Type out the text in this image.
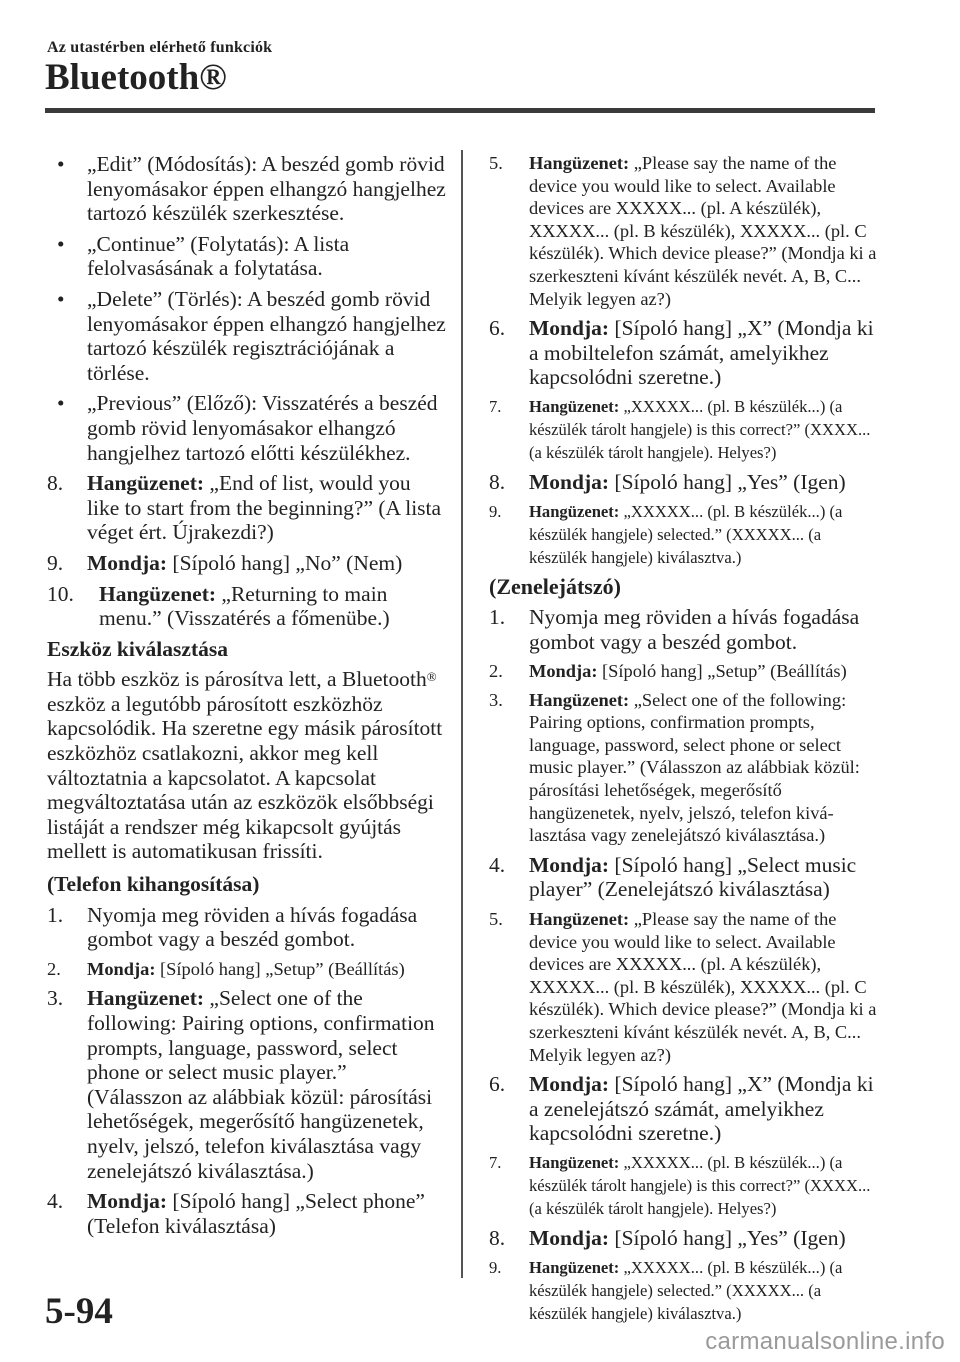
Az utastérben elérhető funkciók
Bluetooth®
• „Edit” (Módosítás): A beszéd gomb rövid lenyomásakor éppen elhangzó hangjelhez tartozó készülék szerkesztése.
• „Continue” (Folytatás): A lista felolvasásának a folytatása.
• „Delete” (Törlés): A beszéd gomb rövid lenyomásakor éppen elhangzó hangjelhez tartozó készülék regisztrációjának a törlése.
• „Previous” (Előző): Visszatérés a beszéd gomb rövid lenyomásakor elhangzó hangjelhez tartozó előtti készülékhez.
8. Hangüzenet: „End of list, would you like to start from the beginning?” (A lista véget ért. Újrakezdi?)
9. Mondja: [Sípoló hang] „No” (Nem)
10. Hangüzenet: „Returning to main menu.” (Visszatérés a főmenübe.)
Eszköz kiválasztása
Ha több eszköz is párosítva lett, a Bluetooth® eszköz a legutóbb párosított eszközhöz kapcsolódik. Ha szeretne egy másik párosított eszközhöz csatlakozni, akkor meg kell változtatnia a kapcsolatot. A kapcsolat megváltoztatása után az eszközök elsőbbségi listáját a rendszer még kikapcsolt gyújtás mellett is automatikusan frissíti.
(Telefon kihangosítása)
1. Nyomja meg röviden a hívás fogadása gombot vagy a beszéd gombot.
2. Mondja: [Sípoló hang] „Setup” (Beállítás)
3. Hangüzenet: „Select one of the following: Pairing options, confirmation prompts, language, password, select phone or select music player.” (Válasszon az alábbiak közül: párosítási lehetőségek, megerősítő hangüzenetek, nyelv, jelszó, telefon kiválasztása vagy zenelejátszó kiválasztása.)
4. Mondja: [Sípoló hang] „Select phone” (Telefon kiválasztása)
5. Hangüzenet: „Please say the name of the device you would like to select. Available devices are XXXXX... (pl. A készülék), XXXXX... (pl. B készülék), XXXXX... (pl. C készülék). Which device please?” (Mondja ki a szerkeszteni kívánt készülék nevét. A, B, C... Melyik legyen az?)
6. Mondja: [Sípoló hang] „X” (Mondja ki a mobiltelefon számát, amelyikhez kapcsolódni szeretne.)
7. Hangüzenet: „XXXXX... (pl. B készülék...) (a készülék tárolt hangjele) is this correct?” (XXXX... (a készülék tárolt hangjele). Helyes?)
8. Mondja: [Sípoló hang] „Yes” (Igen)
9. Hangüzenet: „XXXXX... (pl. B készülék...) (a készülék hangjele) selected.” (XXXXX... (a készülék hangjele) kiválasztva.)
(Zenelejátszó)
1. Nyomja meg röviden a hívás fogadása gombot vagy a beszéd gombot.
2. Mondja: [Sípoló hang] „Setup” (Beállítás)
3. Hangüzenet: „Select one of the following: Pairing options, confirmation prompts, language, password, select phone or select music player.” (Válasszon az alábbiak közül: párosítási lehetőségek, megerősítő hangüzenetek, nyelv, jelszó, telefon kivá-lasztása vagy zenelejátszó kiválasztása.)
4. Mondja: [Sípoló hang] „Select music player” (Zenelejátszó kiválasztása)
5. Hangüzenet: „Please say the name of the device you would like to select. Available devices are XXXXX... (pl. A készülék), XXXXX... (pl. B készülék), XXXXX... (pl. C készülék). Which device please?” (Mondja ki a szerkeszteni kívánt készülék nevét. A, B, C... Melyik legyen az?)
6. Mondja: [Sípoló hang] „X” (Mondja ki a zenelejátszó számát, amelyikhez kapcsolódni szeretne.)
7. Hangüzenet: „XXXXX... (pl. B készülék...) (a készülék tárolt hangjele) is this correct?” (XXXX...(a készülék tárolt hangjele). Helyes?)
8. Mondja: [Sípoló hang] „Yes” (Igen)
9. Hangüzenet: „XXXXX... (pl. B készülék...) (a készülék hangjele) selected.” (XXXXX... (a készülék hangjele) kiválasztva.)
5-94
carmanualsonline.info
